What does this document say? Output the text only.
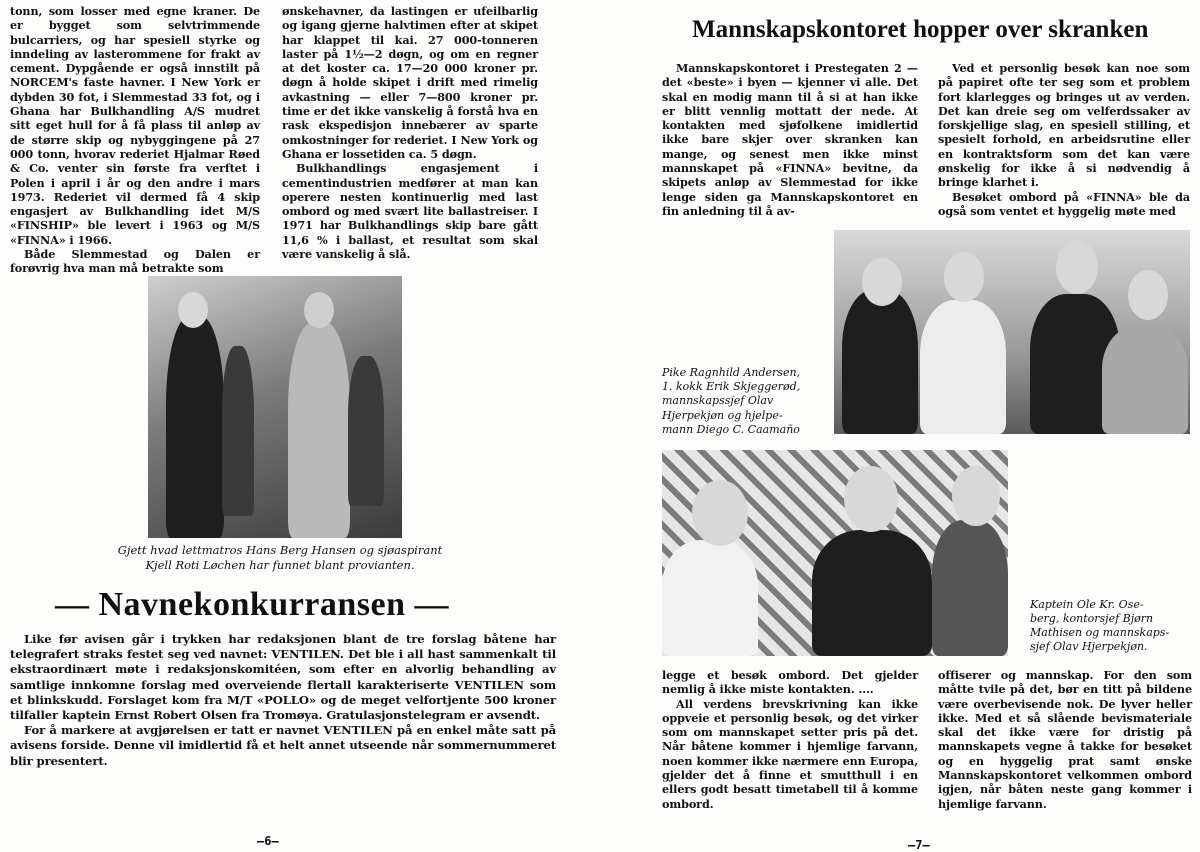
tonn, som losser med egne kraner. De er bygget som selvtrimmende bulcarriers, og har spesiell styrke og inndeling av lasterommene for frakt av cement. Dypgående er også innstilt på NORCEM's faste havner. I New York er dybden 30 fot, i Slemmestad 33 fot, og i Ghana har Bulkhandling A/S mudret sitt eget hull for å få plass til anløp av de større skip og nybyggingene på 27 000 tonn, hvorav rederiet Hjalmar Røed & Co. venter sin første fra verftet i Polen i april i år og den andre i mars 1973. Rederiet vil dermed få 4 skip engasjert av Bulkhandling idet M/S «FINSHIP» ble levert i 1963 og M/S «FINNA» i 1966.

Både Slemmestad og Dalen er forøvrig hva man må betrakte som

ønskehavner, da lastingen er ufeilbarlig og igang gjerne halvtimen efter at skipet har klappet til kai. 27 000-tonneren laster på 1½—2 døgn, og om en regner at det koster ca. 17—20 000 kroner pr. døgn å holde skipet i drift med rimelig avkastning — eller 7—800 kroner pr. time er det ikke vanskelig å forstå hva en rask ekspedisjon innebærer av sparte omkostninger for rederiet. I New York og Ghana er lossetiden ca. 5 døgn.

Bulkhandlings engasjement i cementindustrien medfører at man kan operere nesten kontinuerlig med last ombord og med svært lite ballastreiser. I 1971 har Bulkhandlings skip bare gått 11,6 % i ballast, et resultat som skal være vanskelig å slå.

Gjett hvad lettmatros Hans Berg Hansen og sjøaspirant
Kjell Roti Løchen har funnet blant provianten.
— Navnekonkurransen —

Like før avisen går i trykken har redaksjonen blant de tre forslag båtene har telegrafert straks festet seg ved navnet: VENTILEN. Det ble i all hast sammenkalt til ekstraordinært møte i redaksjonskomitéen, som efter en alvorlig behandling av samtlige innkomne forslag med overveiende flertall karakteriserte VENTILEN som et blinkskudd. Forslaget kom fra M/T «POLLO» og de meget velfortjente 500 kroner tilfaller kaptein Ernst Robert Olsen fra Tromøya. Gratulasjonstelegram er avsendt.

For å markere at avgjørelsen er tatt er navnet VENTILEN på en enkel måte satt på avisens forside. Denne vil imidlertid få et helt annet utseende når sommernummeret blir presentert.

—6—
Mannskapskontoret hopper over skranken

Mannskapskontoret i Prestegaten 2 — det «beste» i byen — kjenner vi alle. Det skal en modig mann til å si at han ikke er blitt vennlig mottatt der nede. At kontakten med sjøfolkene imidlertid ikke bare skjer over skranken kan mange, og senest men ikke minst mannskapet på «FINNA» bevitne, da skipets anløp av Slemmestad for ikke lenge siden ga Mannskapskontoret en fin anledning til å av-

Ved et personlig besøk kan noe som på papiret ofte ter seg som et problem fort klarlegges og bringes ut av verden. Det kan dreie seg om velferdssaker av forskjellige slag, en spesiell stilling, et spesielt forhold, en arbeidsrutine eller en kontraktsform som det kan være ønskelig for ikke å si nødvendig å bringe klarhet i.

Besøket ombord på «FINNA» ble da også som ventet et hyggelig møte med

Pike Ragnhild Andersen,
1. kokk Erik Skjeggerød,
mannskapssjef Olav
Hjerpekjøn og hjelpe-
mann Diego C. Caamaño
Kaptein Ole Kr. Ose-
berg, kontorsjef Bjørn
Mathisen og mannskaps-
sjef Olav Hjerpekjøn.

legge et besøk ombord. Det gjelder nemlig å ikke miste kontakten. ....

All verdens brevskrivning kan ikke oppveie et personlig besøk, og det virker som om mannskapet setter pris på det. Når båtene kommer i hjemlige farvann, noen kommer ikke nærmere enn Europa, gjelder det å finne et smutthull i en ellers godt besatt timetabell til å komme ombord.

offiserer og mannskap. For den som måtte tvile på det, bør en titt på bildene være overbevisende nok. De lyver heller ikke. Med et så slående bevismateriale skal det ikke være for dristig på mannskapets vegne å takke for besøket og en hyggelig prat samt ønske Mannskapskontoret velkommen ombord igjen, når båten neste gang kommer i hjemlige farvann.

—7—
